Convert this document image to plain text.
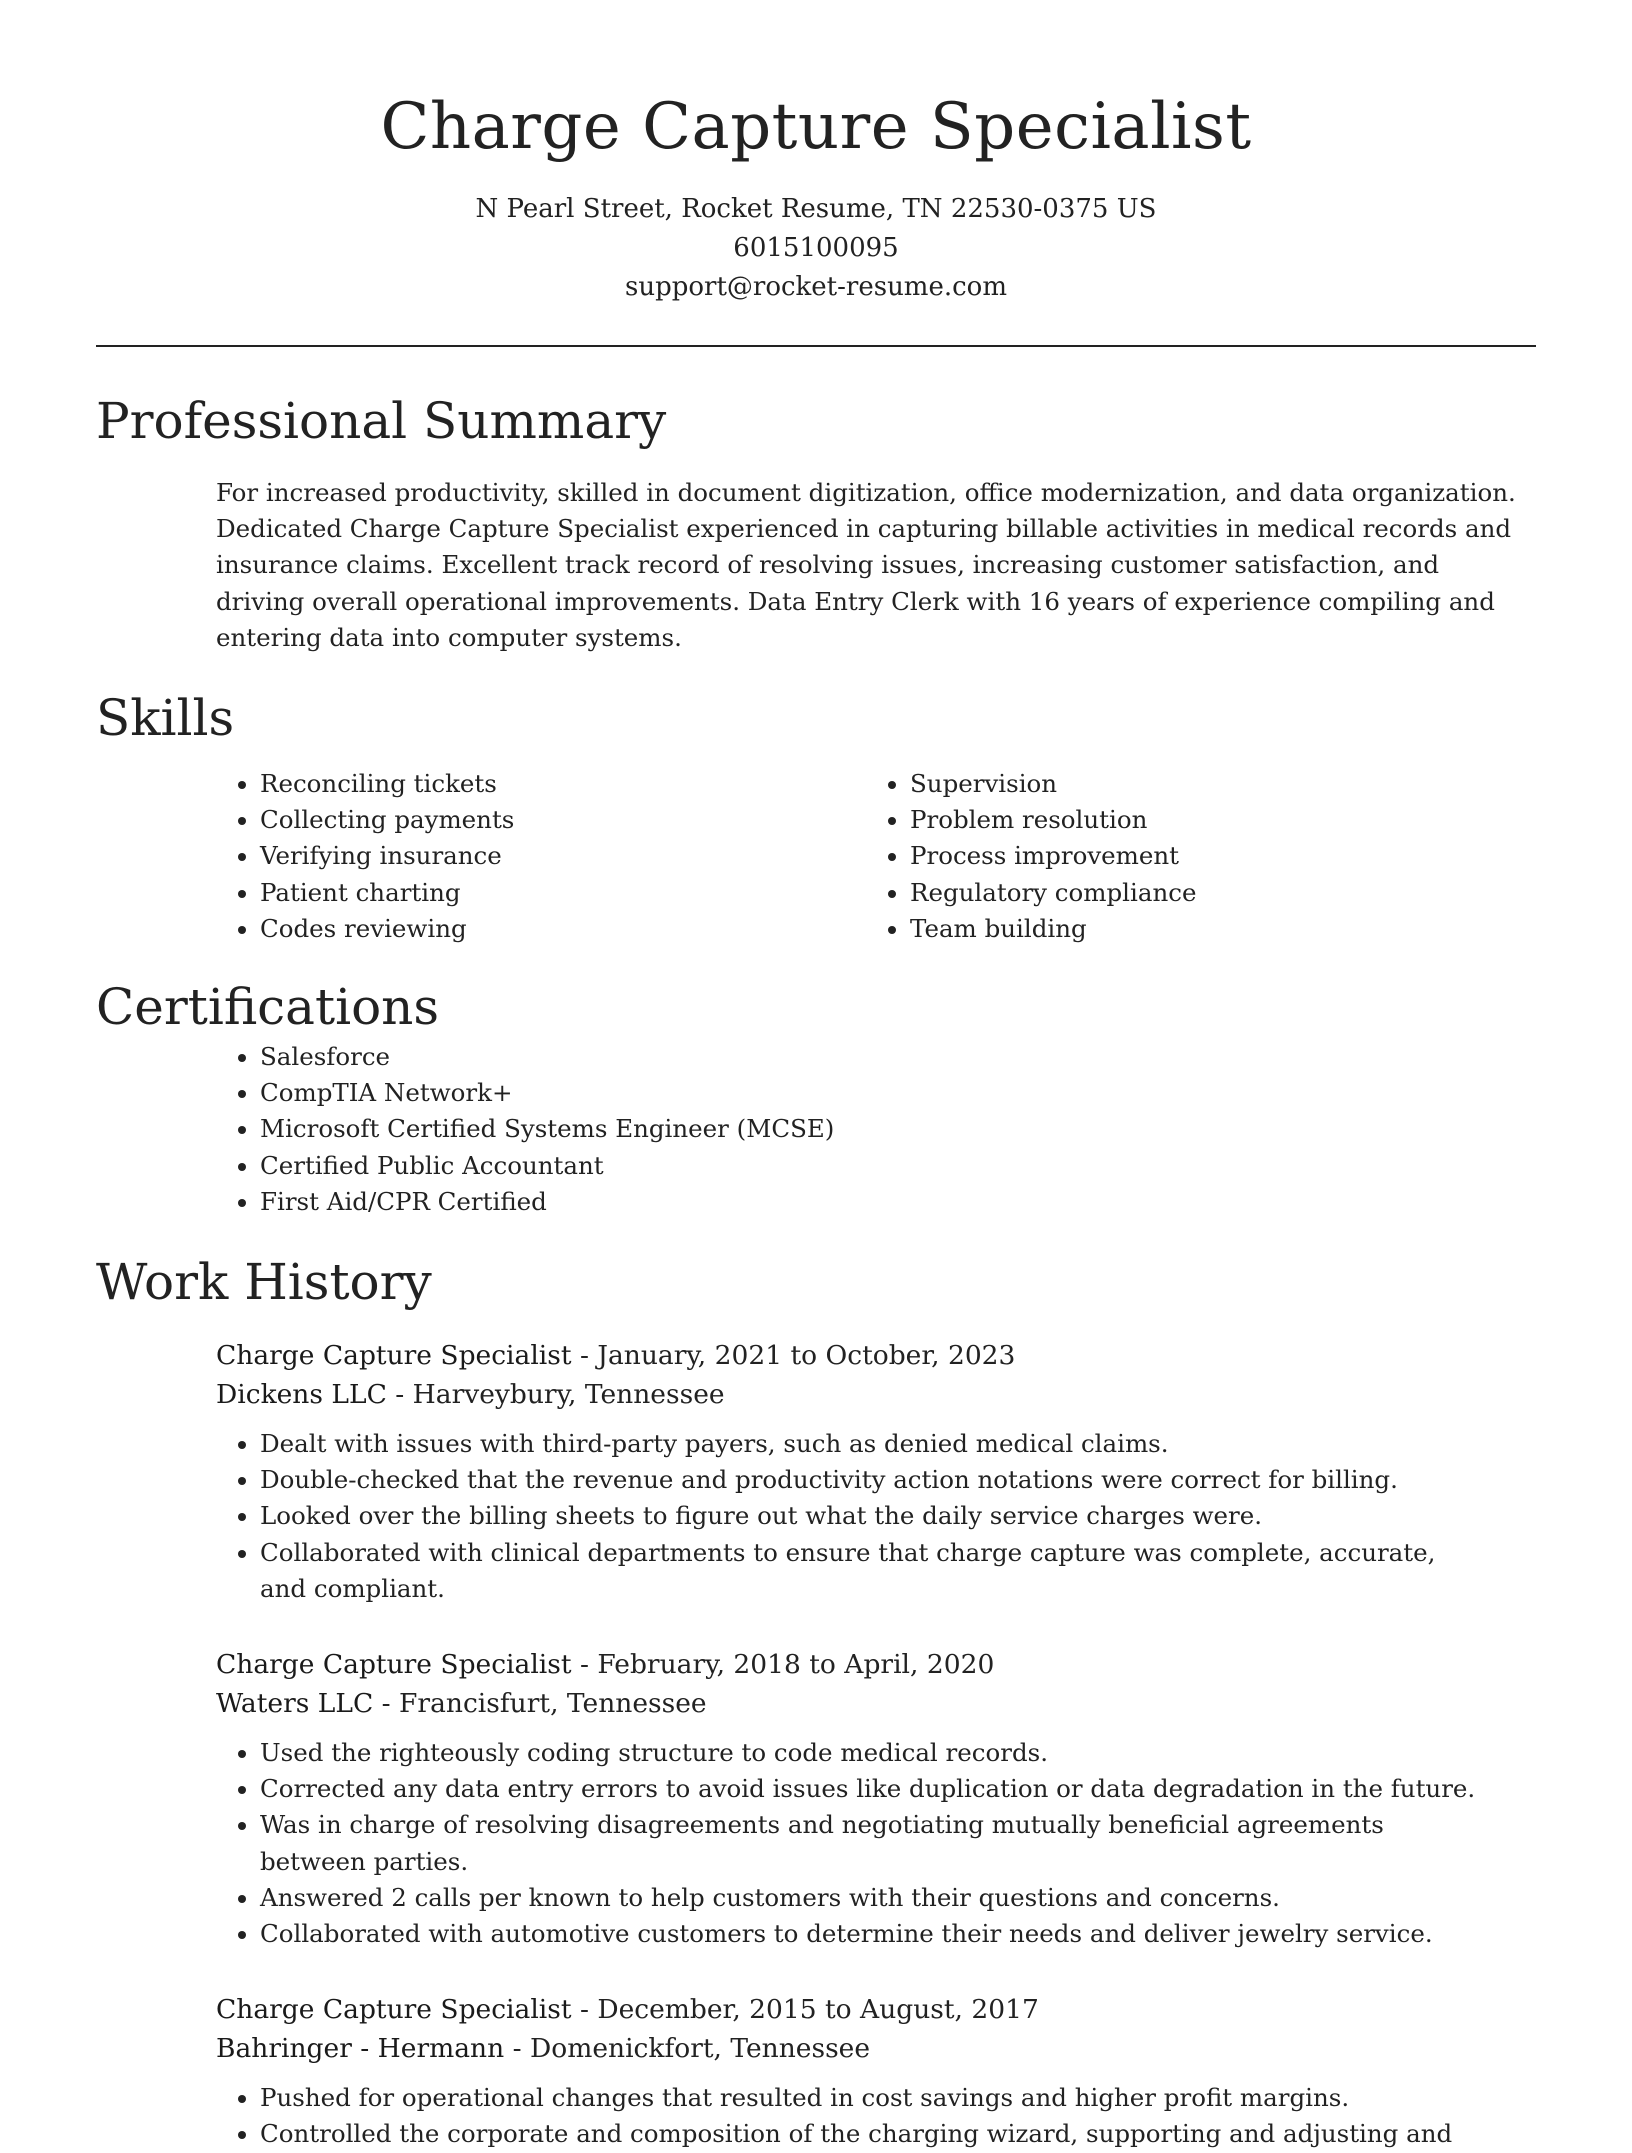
Charge Capture Specialist
N Pearl Street, Rocket Resume, TN 22530-0375 US
6015100095
support@rocket-resume.com
Professional Summary

For increased productivity, skilled in document digitization, office modernization, and data organization. Dedicated Charge Capture Specialist experienced in capturing billable activities in medical records and insurance claims. Excellent track record of resolving issues, increasing customer satisfaction, and driving overall operational improvements. Data Entry Clerk with 16 years of experience compiling and entering data into computer systems.

Skills
• Reconciling tickets
• Collecting payments
• Verifying insurance
• Patient charting
• Codes reviewing
• Supervision
• Problem resolution
• Process improvement
• Regulatory compliance
• Team building
Certifications
• Salesforce
• CompTIA Network+
• Microsoft Certified Systems Engineer (MCSE)
• Certified Public Accountant
• First Aid/CPR Certified
Work History
Charge Capture Specialist - January, 2021 to October, 2023
Dickens LLC - Harveybury, Tennessee
• Dealt with issues with third-party payers, such as denied medical claims.
• Double-checked that the revenue and productivity action notations were correct for billing.
• Looked over the billing sheets to figure out what the daily service charges were.
• Collaborated with clinical departments to ensure that charge capture was complete, accurate, and compliant.
Charge Capture Specialist - February, 2018 to April, 2020
Waters LLC - Francisfurt, Tennessee
• Used the righteously coding structure to code medical records.
• Corrected any data entry errors to avoid issues like duplication or data degradation in the future.
• Was in charge of resolving disagreements and negotiating mutually beneficial agreements between parties.
• Answered 2 calls per known to help customers with their questions and concerns.
• Collaborated with automotive customers to determine their needs and deliver jewelry service.
Charge Capture Specialist - December, 2015 to August, 2017
Bahringer - Hermann - Domenickfort, Tennessee
• Pushed for operational changes that resulted in cost savings and higher profit margins.
• Controlled the corporate and composition of the charging wizard, supporting and adjusting and
